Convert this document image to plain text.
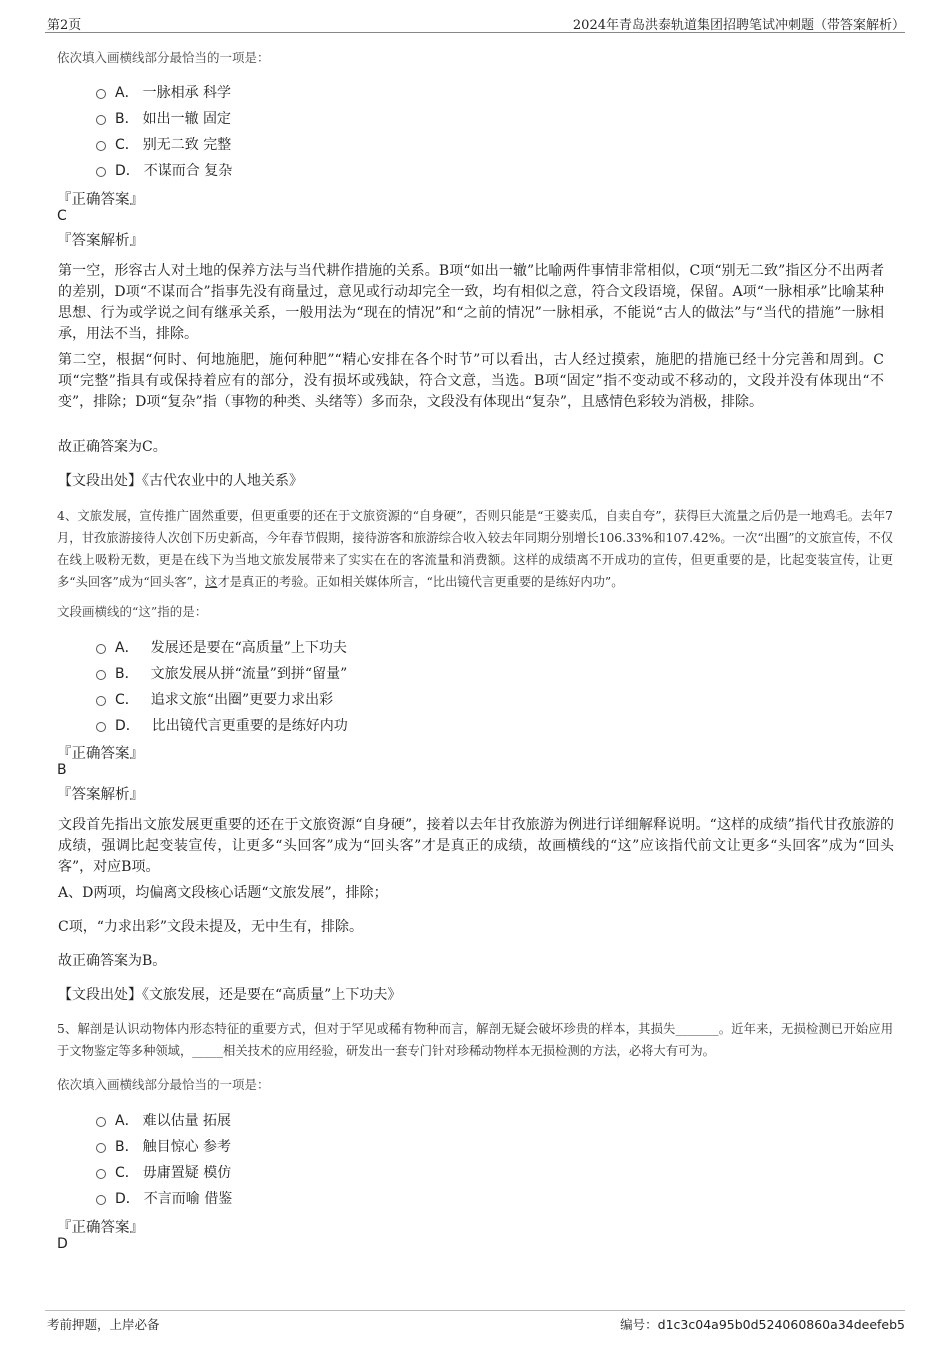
第2页	2024年青岛洪泰轨道集团招聘笔试冲刺题（带答案解析）
依次填入画横线部分最恰当的一项是：
A． 一脉相承 科学
B． 如出一辙 固定
C． 别无二致 完整
D． 不谋而合 复杂
『正确答案』
C
『答案解析』
第一空，形容古人对土地的保养方法与当代耕作措施的关系。B项“如出一辙”比喻两件事情非常相似，C项“别无二致”指区分不出两者的差别，D项“不谋而合”指事先没有商量过，意见或行动却完全一致，均有相似之意，符合文段语境，保留。A项“一脉相承”比喻某种思想、行为或学说之间有继承关系，一般用法为“现在的情况”和“之前的情况”一脉相承，不能说“古人的做法”与“当代的措施”一脉相承，用法不当，排除。
第二空，根据“何时、何地施肥，施何种肥”“精心安排在各个时节”可以看出，古人经过摸索，施肥的措施已经十分完善和周到。C项“完整”指具有或保持着应有的部分，没有损坏或残缺，符合文意，当选。B项“固定”指不变动或不移动的，文段并没有体现出“不变”，排除；D项“复杂”指（事物的种类、头绪等）多而杂，文段没有体现出“复杂”，且感情色彩较为消极，排除。
故正确答案为C。
【文段出处】《古代农业中的人地关系》
4、文旅发展，宣传推广固然重要，但更重要的还在于文旅资源的“自身硬”，否则只能是“王婆卖瓜，自卖自夸”，获得巨大流量之后仍是一地鸡毛。去年7月，甘孜旅游接待人次创下历史新高，今年春节假期，接待游客和旅游综合收入较去年同期分别增长106.33%和107.42%。一次“出圈”的文旅宣传，不仅在线上吸粉无数，更是在线下为当地文旅发展带来了实实在在的客流量和消费额。这样的成绩离不开成功的宣传，但更重要的是，比起变装宣传，让更多“头回客”成为“回头客”，这才是真正的考验。正如相关媒体所言，“比出镜代言更重要的是练好内功”。
文段画横线的“这”指的是：
A． 发展还是要在“高质量”上下功夫
B． 文旅发展从拼“流量”到拼“留量”
C． 追求文旅“出圈”更要力求出彩
D． 比出镜代言更重要的是练好内功
『正确答案』
B
『答案解析』
文段首先指出文旅发展更重要的还在于文旅资源“自身硬”，接着以去年甘孜旅游为例进行详细解释说明。“这样的成绩”指代甘孜旅游的成绩，强调比起变装宣传，让更多“头回客”成为“回头客”才是真正的成绩，故画横线的“这”应该指代前文让更多“头回客”成为“回头客”，对应B项。
A、D两项，均偏离文段核心话题“文旅发展”，排除；
C项，“力求出彩”文段未提及，无中生有，排除。
故正确答案为B。
【文段出处】《文旅发展，还是要在“高质量”上下功夫》
5、解剖是认识动物体内形态特征的重要方式，但对于罕见或稀有物种而言，解剖无疑会破坏珍贵的样本，其损失_______。近年来，无损检测已开始应用于文物鉴定等多种领域，_____相关技术的应用经验，研发出一套专门针对珍稀动物样本无损检测的方法，必将大有可为。
依次填入画横线部分最恰当的一项是：
A． 难以估量 拓展
B． 触目惊心 参考
C． 毋庸置疑 模仿
D． 不言而喻 借鉴
『正确答案』
D
考前押题，上岸必备	编号：d1c3c04a95b0d524060860a34deefeb5
